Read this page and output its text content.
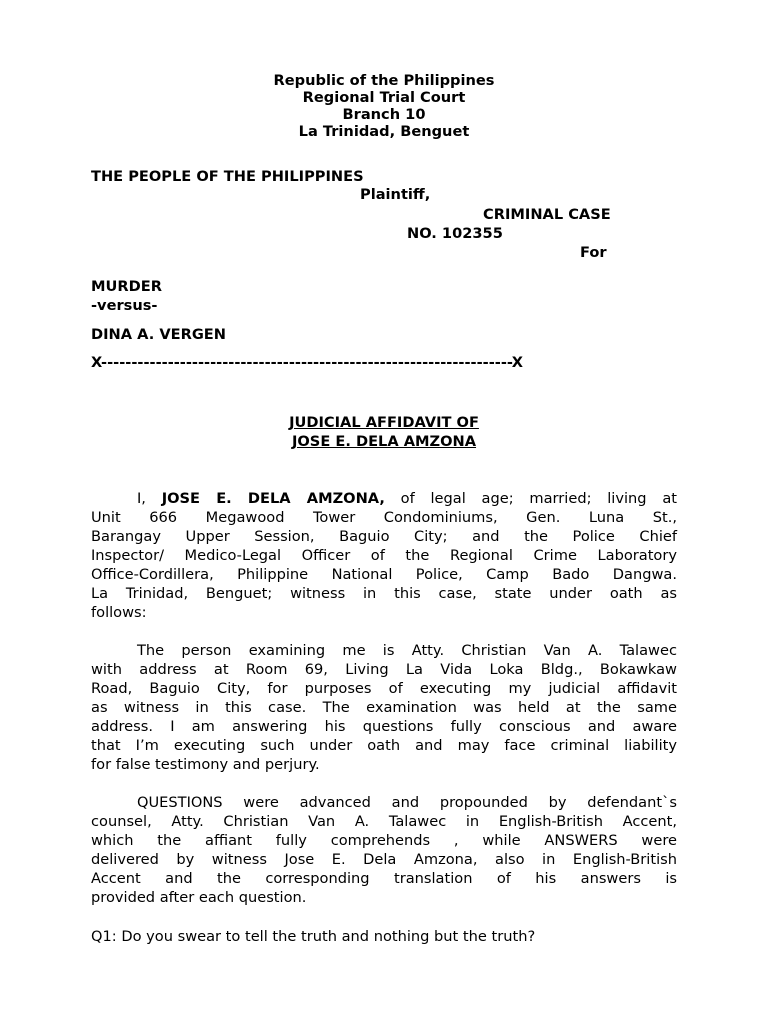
Republic of the Philippines
Regional Trial Court
Branch 10
La Trinidad, Benguet
THE PEOPLE OF THE PHILIPPINES
Plaintiff,
CRIMINAL CASE
NO. 102355
For
MURDER
-versus-
DINA A. VERGEN
X--------------------------------------------------------------------X
JUDICIAL AFFIDAVIT OF
JOSE E. DELA AMZONA
I, JOSE E. DELA AMZONA, of legal age; married; living at
Unit 666 Megawood Tower Condominiums, Gen. Luna St.,
Barangay Upper Session, Baguio City; and the Police Chief
Inspector/ Medico-Legal Officer of the Regional Crime Laboratory
Office-Cordillera, Philippine National Police, Camp Bado Dangwa.
La Trinidad, Benguet; witness in this case, state under oath as
follows:
The person examining me is Atty. Christian Van A. Talawec
with address at Room 69, Living La Vida Loka Bldg., Bokawkaw
Road, Baguio City, for purposes of executing my judicial affidavit
as witness in this case. The examination was held at the same
address. I am answering his questions fully conscious and aware
that I’m executing such under oath and may face criminal liability
for false testimony and perjury.
QUESTIONS were advanced and propounded by defendant`s
counsel, Atty. Christian Van A. Talawec in English-British Accent,
which the affiant fully comprehends , while ANSWERS were
delivered by witness Jose E. Dela Amzona, also in English-British
Accent and the corresponding translation of his answers is
provided after each question.
Q1: Do you swear to tell the truth and nothing but the truth?
